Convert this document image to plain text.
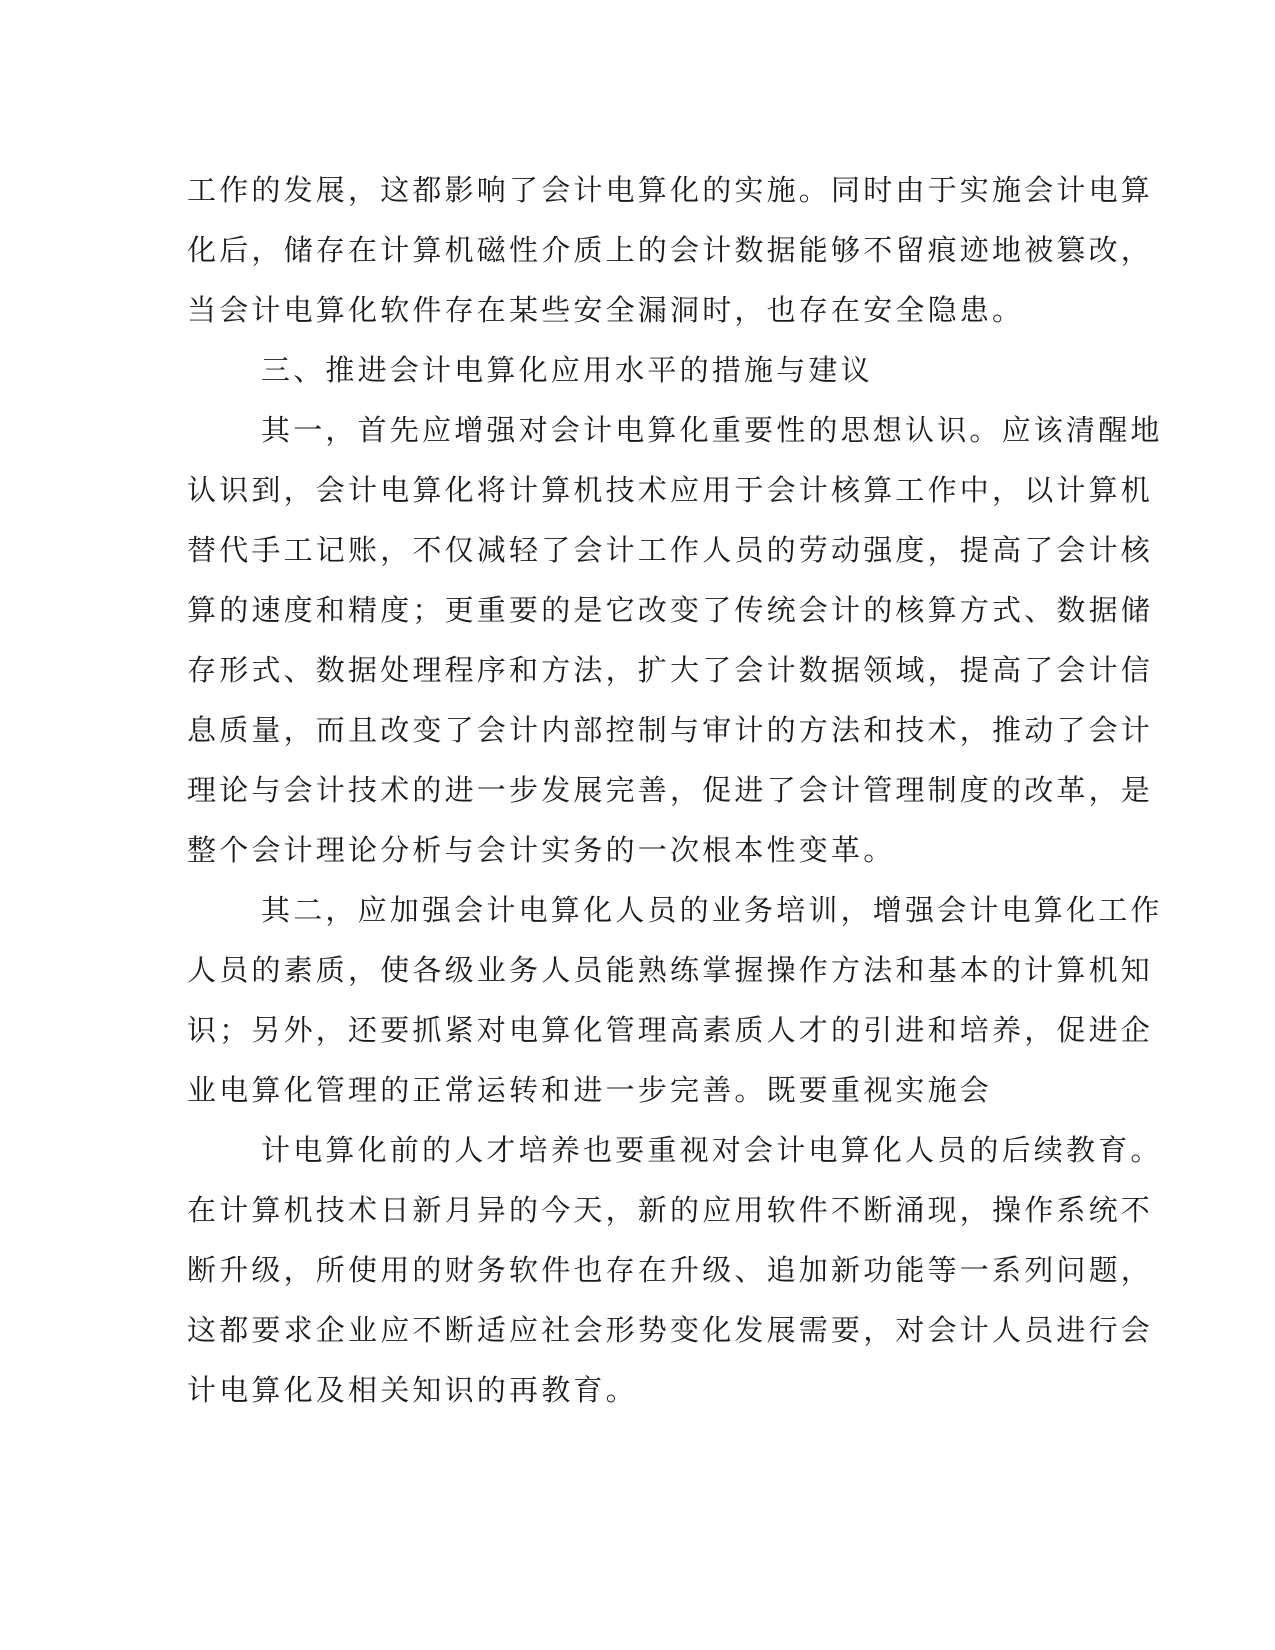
工作的发展，这都影响了会计电算化的实施。同时由于实施会计电算
化后，储存在计算机磁性介质上的会计数据能够不留痕迹地被篡改，
当会计电算化软件存在某些安全漏洞时，也存在安全隐患。
三、推进会计电算化应用水平的措施与建议
其一，首先应增强对会计电算化重要性的思想认识。应该清醒地
认识到，会计电算化将计算机技术应用于会计核算工作中，以计算机
替代手工记账，不仅减轻了会计工作人员的劳动强度，提高了会计核
算的速度和精度；更重要的是它改变了传统会计的核算方式、数据储
存形式、数据处理程序和方法，扩大了会计数据领域，提高了会计信
息质量，而且改变了会计内部控制与审计的方法和技术，推动了会计
理论与会计技术的进一步发展完善，促进了会计管理制度的改革，是
整个会计理论分析与会计实务的一次根本性变革。
其二，应加强会计电算化人员的业务培训，增强会计电算化工作
人员的素质，使各级业务人员能熟练掌握操作方法和基本的计算机知
识；另外，还要抓紧对电算化管理高素质人才的引进和培养，促进企
业电算化管理的正常运转和进一步完善。既要重视实施会
计电算化前的人才培养也要重视对会计电算化人员的后续教育。
在计算机技术日新月异的今天，新的应用软件不断涌现，操作系统不
断升级，所使用的财务软件也存在升级、追加新功能等一系列问题，
这都要求企业应不断适应社会形势变化发展需要，对会计人员进行会
计电算化及相关知识的再教育。
